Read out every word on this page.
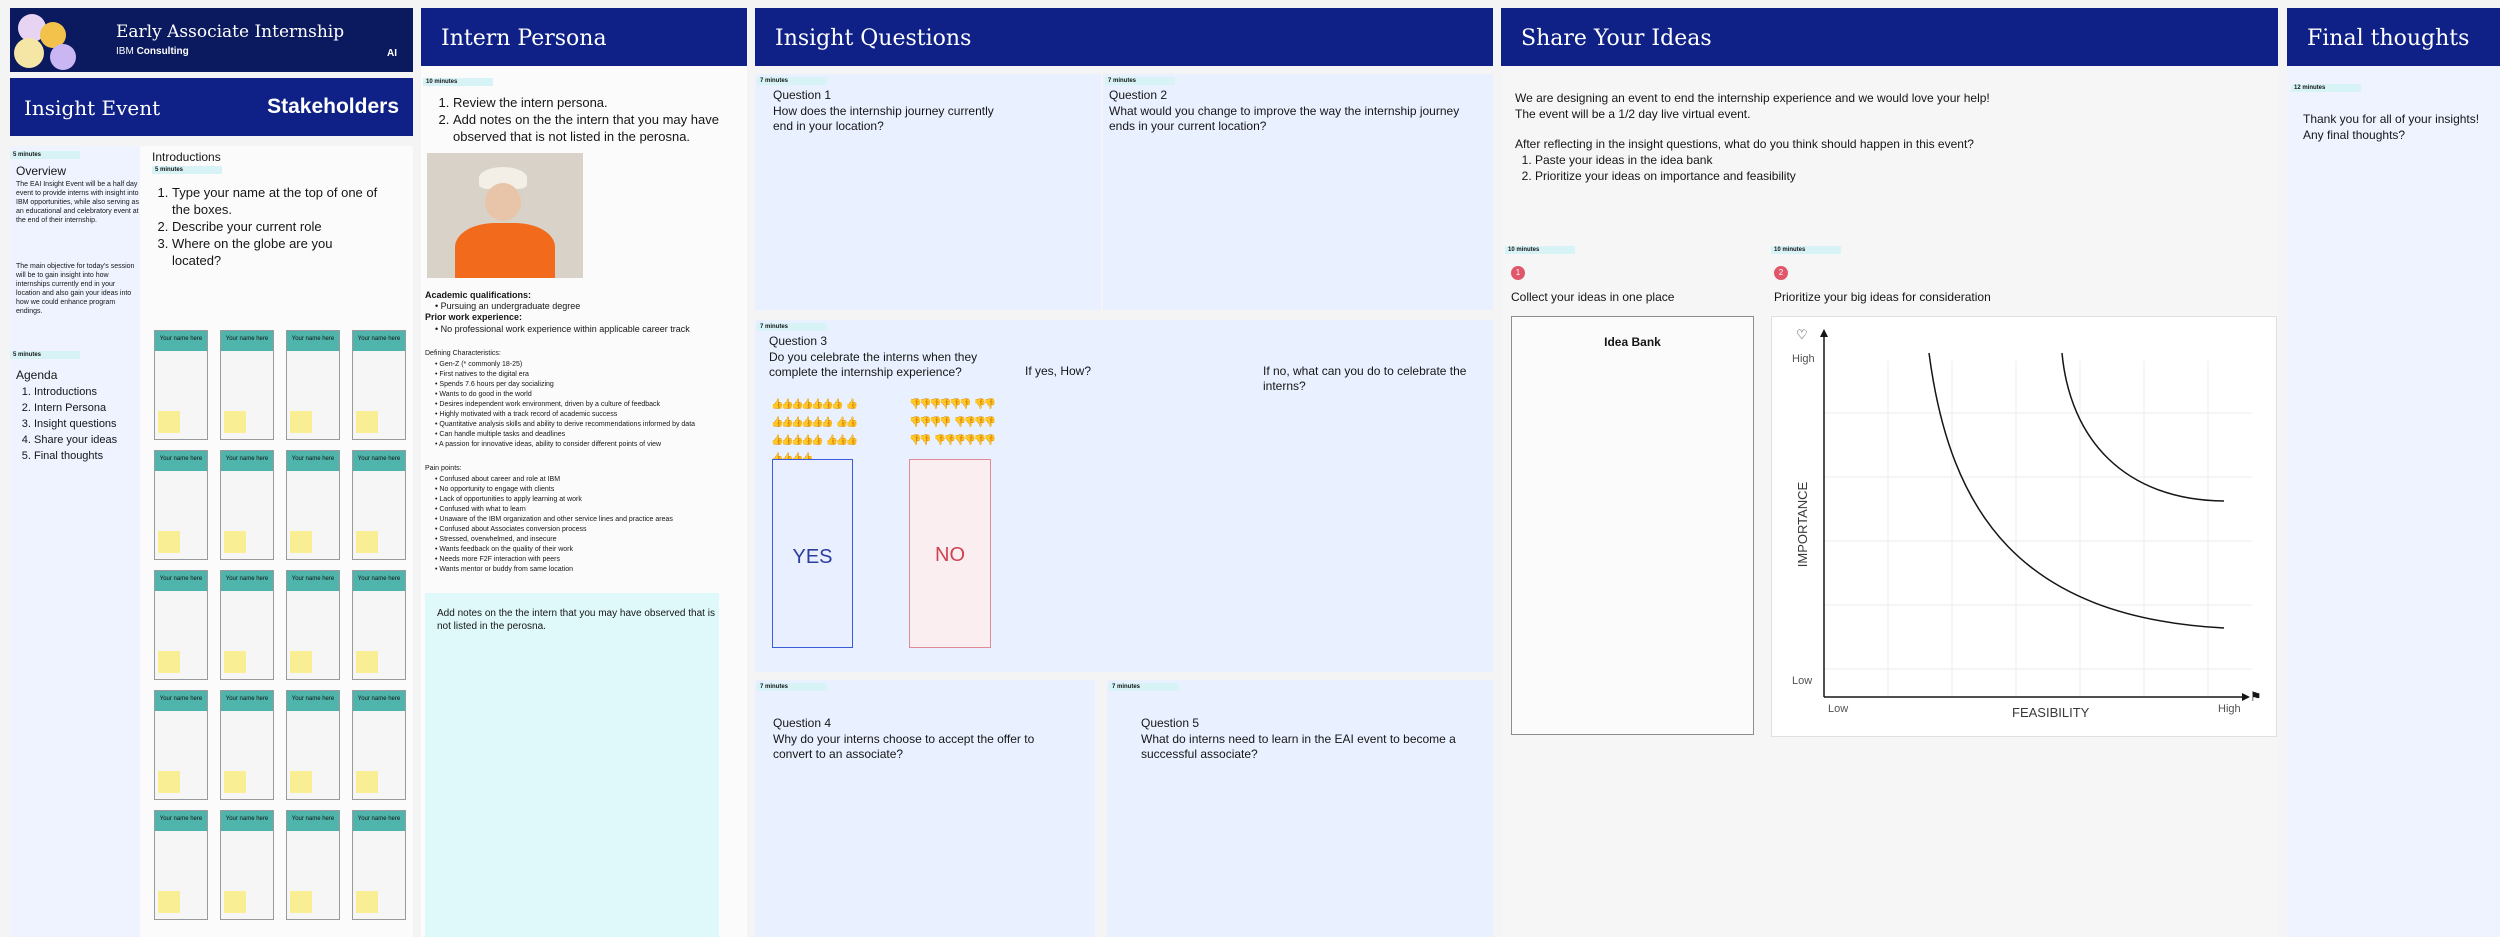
Early Associate Internship
IBM Consulting	AI
Insight Event	Stakeholders
5 minutes
Overview
The EAI Insight Event will be a half day event to provide interns with insight into IBM opportunities, while also serving as an educational and celebratory event at the end of their internship.
The main objective for today's session will be to gain insight into how internships currently end in your location and also gain your ideas into how we could enhance program endings.
5 minutes
Agenda
1. Introductions
2. Intern Persona
3. Insight questions
4. Share your ideas
5. Final thoughts
Introductions
5 minutes
1. Type your name at the top of one of the boxes.
2. Describe your current role
3. Where on the globe are you located?
Your name here	Your name here	Your name here	Your name here
Your name here	Your name here	Your name here	Your name here
Your name here	Your name here	Your name here	Your name here
Your name here	Your name here	Your name here	Your name here
Your name here	Your name here	Your name here	Your name here
Intern Persona
10 minutes
1. Review the intern persona.
2. Add notes on the the intern that you may have observed that is not listed in the perosna.
Academic qualifications:
• Pursuing an undergraduate degree
Prior work experience:
• No professional work experience within applicable career track
Defining Characteristics:
• Gen-Z (* commonly 18-25)
• First natives to the digital era
• Spends 7.6 hours per day socializing
• Wants to do good in the world
• Desires independent work environment, driven by a culture of feedback
• Highly motivated with a track record of academic success
• Quantitative analysis skills and ability to derive recommendations informed by data
• Can handle multiple tasks and deadlines
• A passion for innovative ideas, ability to consider different points of view
Pain points:
• Confused about career and role at IBM
• No opportunity to engage with clients
• Lack of opportunities to apply learning at work
• Confused with what to learn
• Unaware of the IBM organization and other service lines and practice areas
• Confused about Associates conversion process
• Stressed, overwhelmed, and insecure
• Wants feedback on the quality of their work
• Needs more F2F interaction with peers
• Wants mentor or buddy from same location
Add notes on the the intern that you may have observed that is not listed in the perosna.
Insight Questions
7 minutes
Question 1
How does the internship journey currently end in your location?
7 minutes
Question 2
What would you change to improve the way the internship journey ends in your current location?
7 minutes
Question 3
Do you celebrate the interns when they complete the internship experience?	If yes, How?	If no, what can you do to celebrate the interns?
👍👍👍👍👍👍👍 👍👍👍👍👍👍👍 👍👍👍👍👍👍👍 👍👍👍
👎👎👎👎👎👎 👎👎👎👎👎👎 👎👎👎👎👎👎 👎👎👎👎👎👎
YES	NO
7 minutes
Question 4
Why do your interns choose to accept the offer to convert to an associate?
7 minutes
Question 5
What do interns need to learn in the EAI event to become a successful associate?
Share Your Ideas
We are designing an event to end the internship experience and we would love your help!
The event will be a 1/2 day live virtual event.
After reflecting in the insight questions, what do you think should happen in this event?
1. Paste your ideas in the idea bank
2. Prioritize your ideas on importance and feasibility
10 minutes
1
Collect your ideas in one place
Idea Bank
10 minutes
2
Prioritize your big ideas for consideration
♡
⚑
High
Low
Low	High
FEASIBILITY
IMPORTANCE
Final thoughts
12 minutes
Thank you for all of your insights!
Any final thoughts?
